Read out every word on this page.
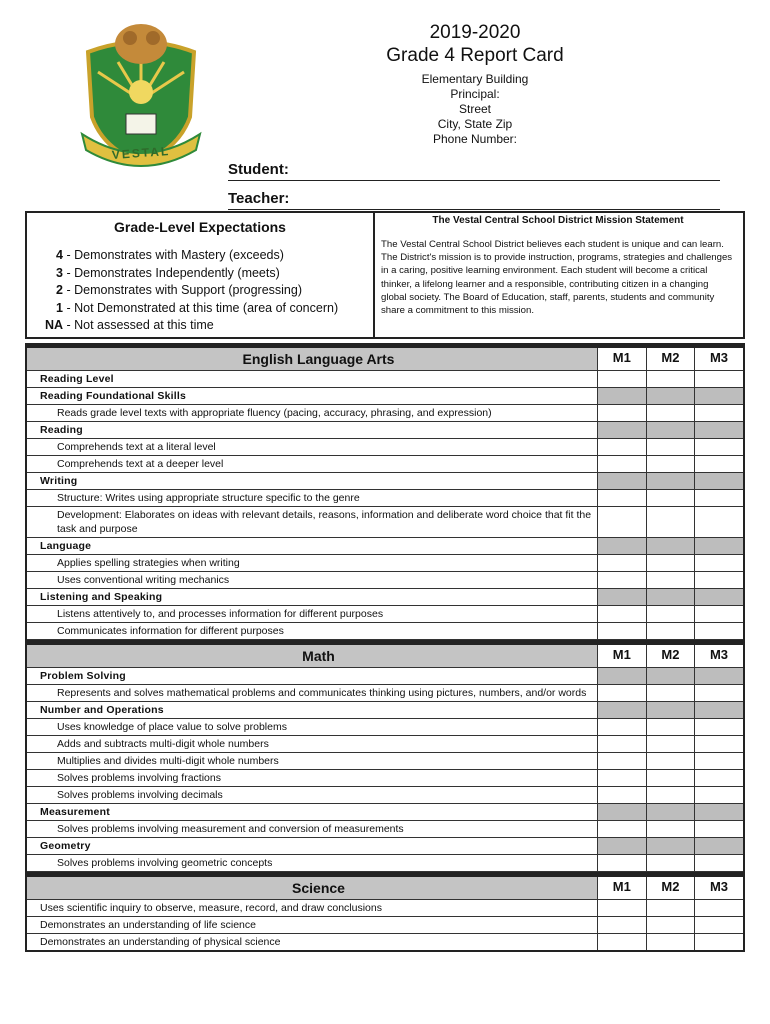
VESTAL
2019-2020
Grade 4 Report Card
Elementary Building
Principal:
Street
City, State Zip
Phone Number:
Student:
Teacher:
Grade-Level Expectations
4 - Demonstrates with Mastery (exceeds)
3 - Demonstrates Independently (meets)
2 - Demonstrates with Support (progressing)
1 - Not Demonstrated at this time (area of concern)
NA - Not assessed at this time
The Vestal Central School District Mission Statement
The Vestal Central School District believes each student is unique and can learn. The District's mission is to provide instruction, programs, strategies and challenges in a caring, positive learning environment. Each student will become a critical thinker, a lifelong learner and a responsible, contributing citizen in a changing global society. The Board of Education, staff, parents, students and community share a commitment to this mission.
English Language Arts	M1	M2	M3
Reading Level
Reading Foundational Skills
Reads grade level texts with appropriate fluency (pacing, accuracy, phrasing, and expression)
Reading
Comprehends text at a literal level
Comprehends text at a deeper level
Writing
Structure: Writes using appropriate structure specific to the genre
Development: Elaborates on ideas with relevant details, reasons, information and deliberate word choice that fit the task and purpose
Language
Applies spelling strategies when writing
Uses conventional writing mechanics
Listening and Speaking
Listens attentively to, and processes information for different purposes
Communicates information for different purposes
Math	M1	M2	M3
Problem Solving
Represents and solves mathematical problems and communicates thinking using pictures, numbers, and/or words
Number and Operations
Uses knowledge of place value to solve problems
Adds and subtracts multi-digit whole numbers
Multiplies and divides multi-digit whole numbers
Solves problems involving fractions
Solves problems involving decimals
Measurement
Solves problems involving measurement and conversion of measurements
Geometry
Solves problems involving geometric concepts
Science	M1	M2	M3
Uses scientific inquiry to observe, measure, record, and draw conclusions
Demonstrates an understanding of life science
Demonstrates an understanding of physical science
